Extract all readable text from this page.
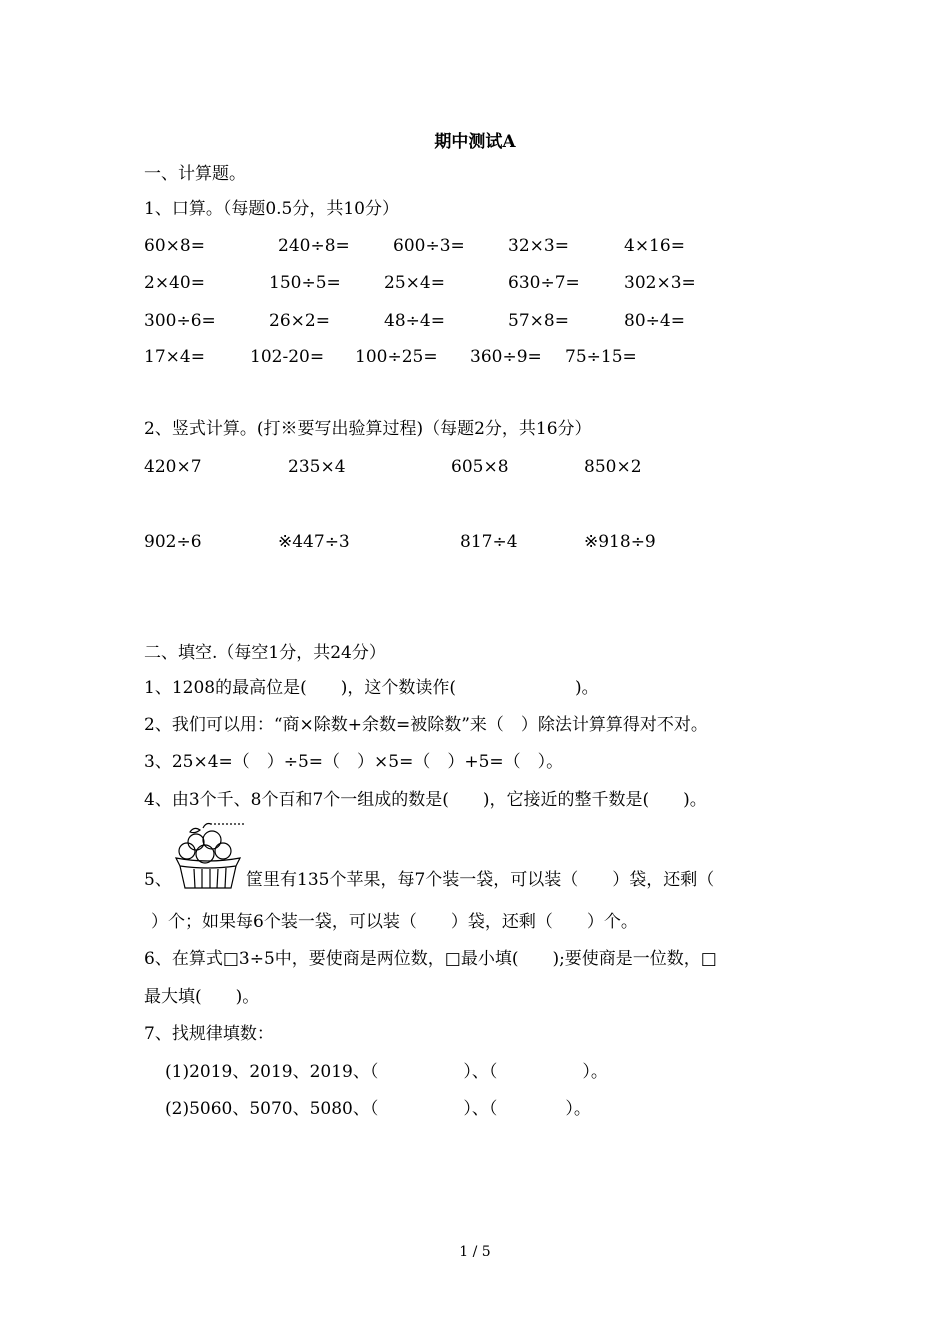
期中测试A
一、计算题。
1、口算。（每题0.5分，共10分）
60×8=	240÷8=	600÷3=	32×3=	4×16=
2×40=	150÷5=	25×4=	630÷7=	302×3=
300÷6=	26×2=	48÷4=	57×8=	80÷4=
17×4=	102-20= 100÷25= 360÷9= 75÷15=
2、竖式计算。(打※要写出验算过程)（每题2分，共16分）
420×7	235×4	605×8	850×2
902÷6	※447÷3	817÷4	※918÷9
二、填空.（每空1分，共24分）
1、1208的最高位是(　　)，这个数读作(　　　　　　　)。
2、我们可以用：“商×除数+余数=被除数”来（　）除法计算算得对不对。
3、25×4=（　）÷5=（　）×5=（　）+5=（　）。
4、由3个千、8个百和7个一组成的数是(　　)，它接近的整千数是(　　)。
5、	筐里有135个苹果，每7个装一袋，可以装（　　）袋，还剩（
）个；如果每6个装一袋，可以装（　　）袋，还剩（　　）个。
6、在算式□3÷5中，要使商是两位数，□最小填(　　);要使商是一位数，□
最大填(　　)。
7、找规律填数：
(1)2019、2019、2019、（　　　　　）、（　　　　　）。
(2)5060、5070、5080、（　　　　　）、（　　　　）。
1 / 5
